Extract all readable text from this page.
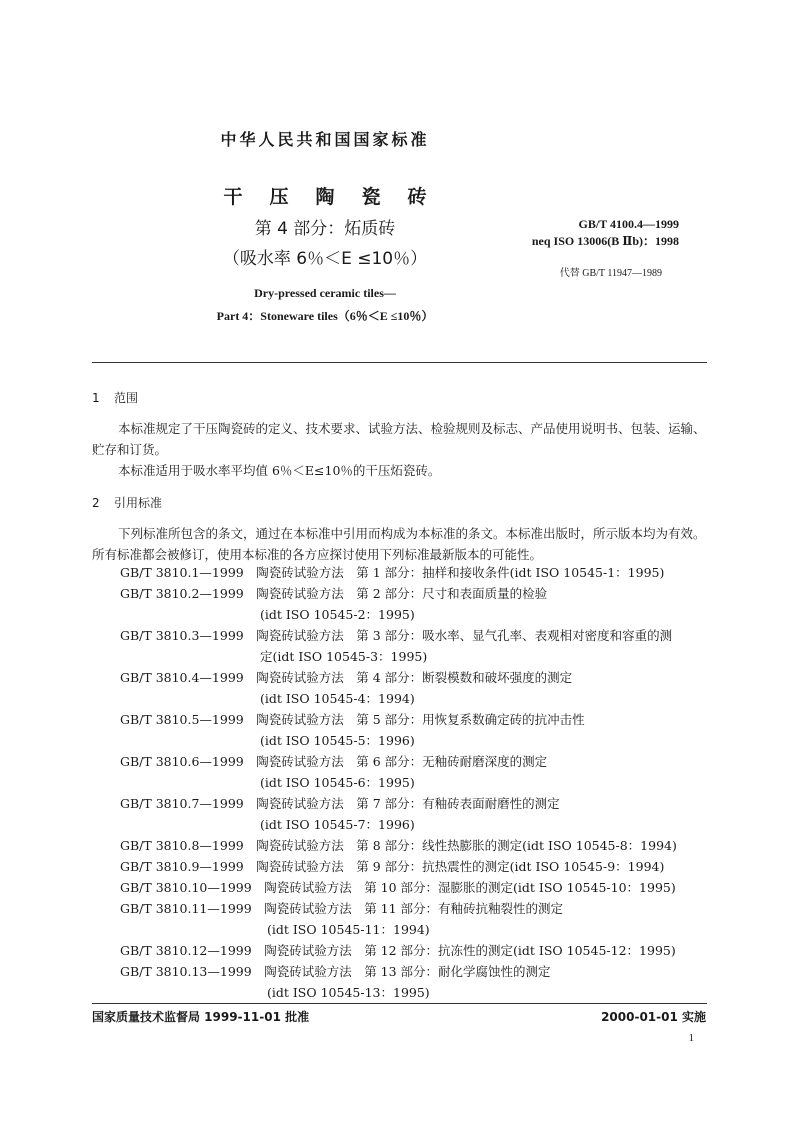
中华人民共和国国家标准
干压陶瓷砖
第 4 部分：炻质砖
（吸水率 6％＜E ≤10％）
Dry-pressed ceramic tiles—
Part 4：Stoneware tiles（6％＜E ≤10％）
GB/T 4100.4—1999
neq ISO 13006(B Ⅱb)：1998
代替 GB/T 11947—1989
1 范围
本标准规定了干压陶瓷砖的定义、技术要求、试验方法、检验规则及标志、产品使用说明书、包装、运输、贮存和订货。
本标准适用于吸水率平均值 6％＜E≤10％的干压炻瓷砖。
2 引用标准
下列标准所包含的条文，通过在本标准中引用而构成为本标准的条文。本标准出版时，所示版本均为有效。所有标准都会被修订，使用本标准的各方应探讨使用下列标准最新版本的可能性。
GB/T 3810.1—1999　陶瓷砖试验方法　第 1 部分：抽样和接收条件(idt ISO 10545-1：1995)
GB/T 3810.2—1999　陶瓷砖试验方法　第 2 部分：尺寸和表面质量的检验
(idt ISO 10545-2：1995)
GB/T 3810.3—1999　陶瓷砖试验方法　第 3 部分：吸水率、显气孔率、表观相对密度和容重的测
定(idt ISO 10545-3：1995)
GB/T 3810.4—1999　陶瓷砖试验方法　第 4 部分：断裂模数和破坏强度的测定
(idt ISO 10545-4：1994)
GB/T 3810.5—1999　陶瓷砖试验方法　第 5 部分：用恢复系数确定砖的抗冲击性
(idt ISO 10545-5：1996)
GB/T 3810.6—1999　陶瓷砖试验方法　第 6 部分：无釉砖耐磨深度的测定
(idt ISO 10545-6：1995)
GB/T 3810.7—1999　陶瓷砖试验方法　第 7 部分：有釉砖表面耐磨性的测定
(idt ISO 10545-7：1996)
GB/T 3810.8—1999　陶瓷砖试验方法　第 8 部分：线性热膨胀的测定(idt ISO 10545-8：1994)
GB/T 3810.9—1999　陶瓷砖试验方法　第 9 部分：抗热震性的测定(idt ISO 10545-9：1994)
GB/T 3810.10—1999　陶瓷砖试验方法　第 10 部分：湿膨胀的测定(idt ISO 10545-10：1995)
GB/T 3810.11—1999　陶瓷砖试验方法　第 11 部分：有釉砖抗釉裂性的测定
(idt ISO 10545-11：1994)
GB/T 3810.12—1999　陶瓷砖试验方法　第 12 部分：抗冻性的测定(idt ISO 10545-12：1995)
GB/T 3810.13—1999　陶瓷砖试验方法　第 13 部分：耐化学腐蚀性的测定
(idt ISO 10545-13：1995)
国家质量技术监督局 1999-11-01 批准	2000-01-01 实施
1
